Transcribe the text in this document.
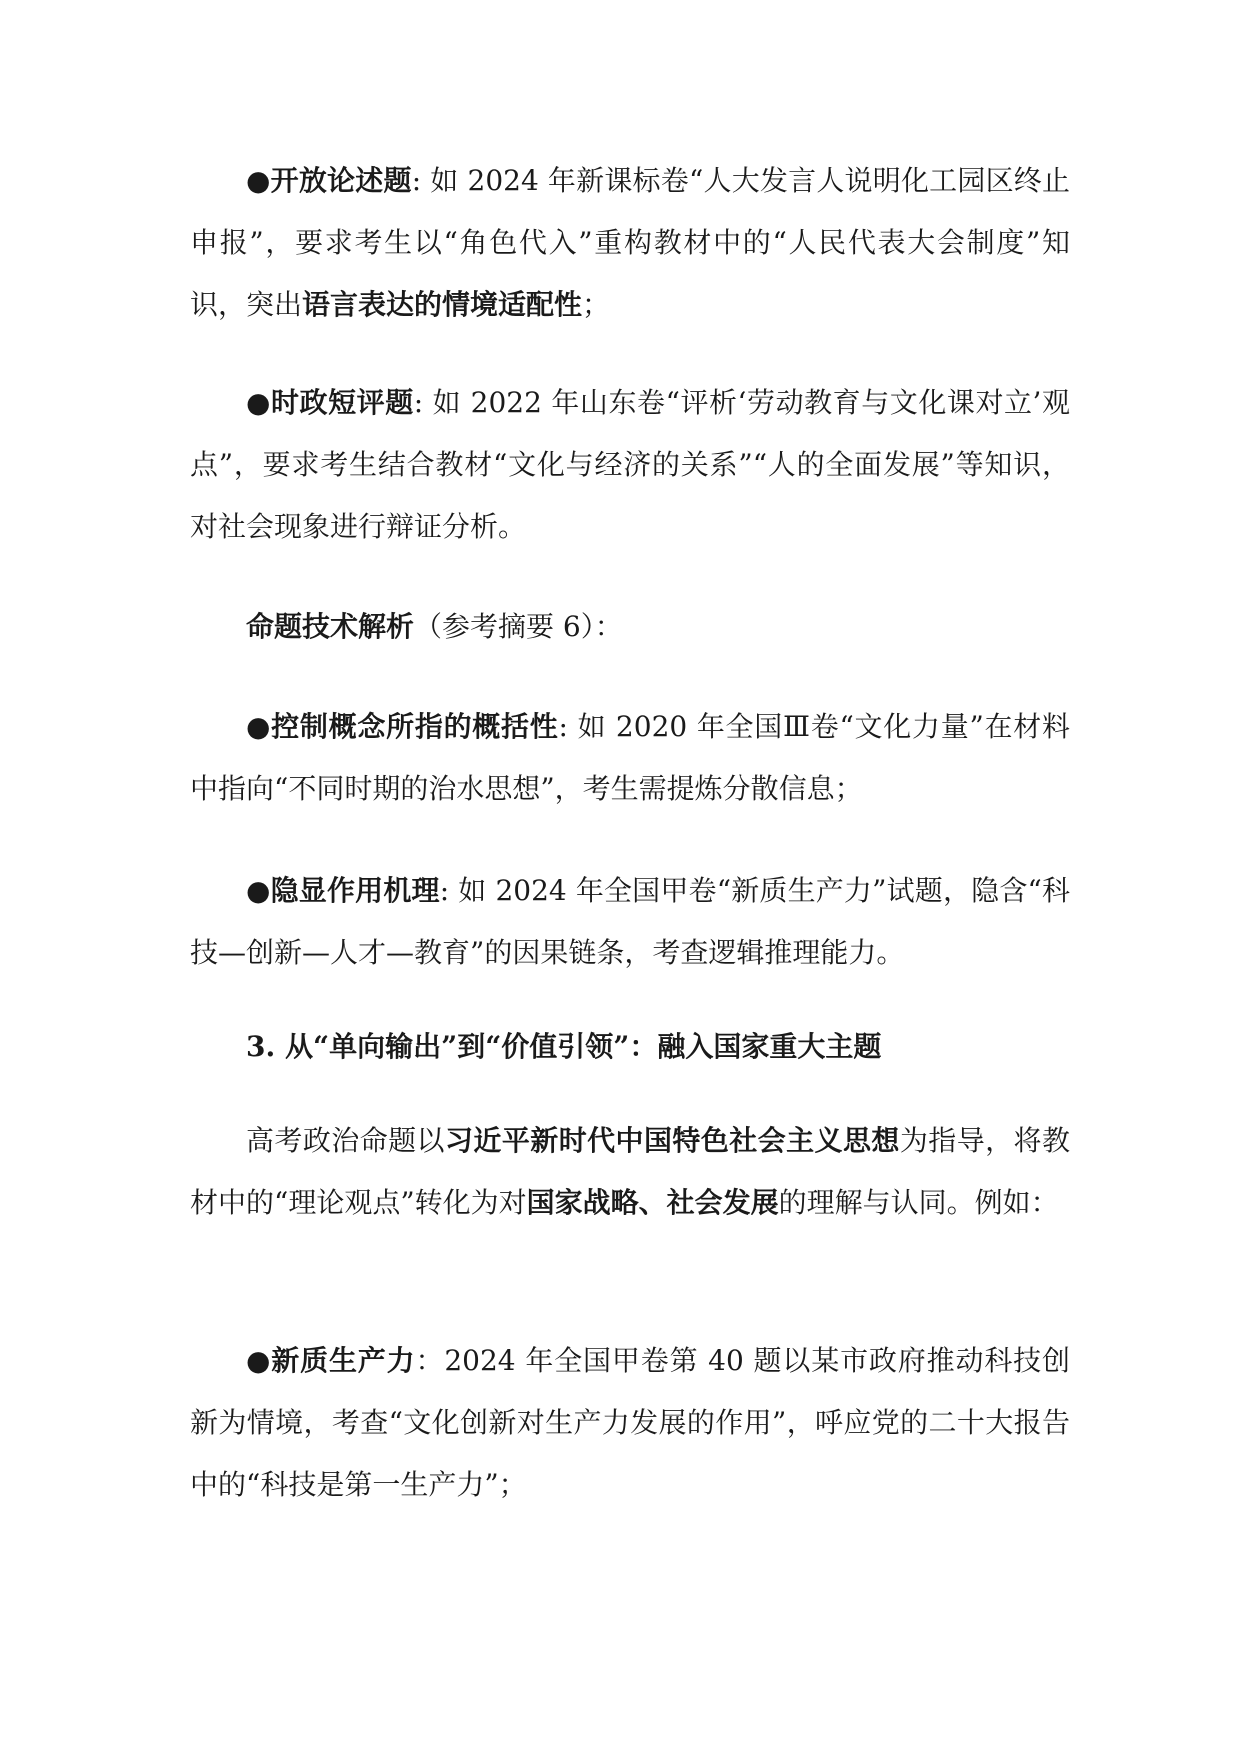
●开放论述题: 如 2024 年新课标卷“人大发言人说明化工园区终止申报”，要求考生以“角色代入”重构教材中的“人民代表大会制度”知识，突出语言表达的情境适配性；

●时政短评题: 如 2022 年山东卷“评析‘劳动教育与文化课对立’观点”，要求考生结合教材“文化与经济的关系”“人的全面发展”等知识，对社会现象进行辩证分析。

命题技术解析（参考摘要 6）：

●控制概念所指的概括性: 如 2020 年全国Ⅲ卷“文化力量”在材料中指向“不同时期的治水思想”，考生需提炼分散信息；

●隐显作用机理: 如 2024 年全国甲卷“新质生产力”试题，隐含“科技—创新—人才—教育”的因果链条，考查逻辑推理能力。

3. 从“单向输出”到“价值引领”：融入国家重大主题

高考政治命题以习近平新时代中国特色社会主义思想为指导，将教材中的“理论观点”转化为对国家战略、社会发展的理解与认同。例如：

●新质生产力：2024 年全国甲卷第 40 题以某市政府推动科技创新为情境，考查“文化创新对生产力发展的作用”，呼应党的二十大报告中的“科技是第一生产力”；
